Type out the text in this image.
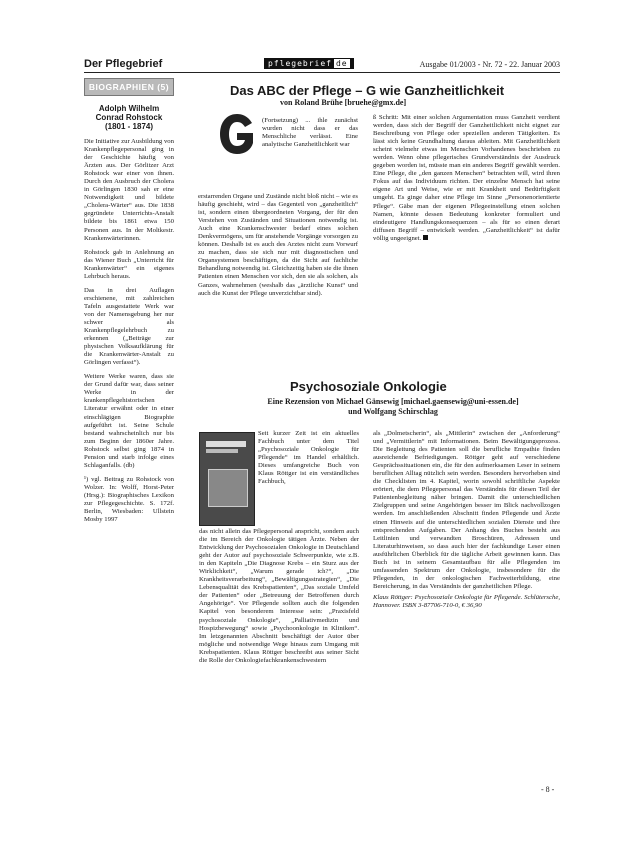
Der Pflegebrief	pflegebrief de	Ausgabe 01/2003 - Nr. 72 - 22. Januar 2003
BIOGRAPHIEN (5)
Adolph Wilhelm
Conrad Rohstock
(1801 - 1874)

Die Initiative zur Ausbildung von Krankenpflegepersonal ging in der Geschichte häufig von Ärzten aus. Der Görlitzer Arzt Rohstock war einer von ihnen. Durch den Ausbruch der Cholera in Görlingen 1830 sah er eine Notwendigkeit und bildete „Cholera-Wärter“ aus. Die 1838 gegründete Unterrichts-Anstalt bildete bis 1861 etwa 150 Personen aus. In der Moltkestr. Krankenwärterinnen.

Rohstock gab in Anlehnung an das Wiener Buch „Unterricht für Krankenwärter“ ein eigenes Lehrbuch heraus.

Das in drei Auflagen erschienene, mit zahlreichen Tafeln ausgestattete Werk war von der Namensgebung her nur schwer als Krankenpflegelehrbuch zu erkennen („Beiträge zur physischen Volksaufklärung für die Krankenwärter-Anstalt zu Görlingen verfasst“).

Weitere Werke waren, dass sie der Grund dafür war, dass seiner Werke in der krankenpflegehistorischen Literatur erwähnt oder in einer einschlägigen Biographie aufgeführt ist. Seine Schule bestand wahrscheinlich nur bis zum Beginn der 1860er Jahre. Rohstock selbst ging 1874 in Pension und starb infolge eines Schlaganfalls. (db)

¹) vgl. Beitrag zu Rohstock von Wolzer. In: Wolff, Horst-Peter (Hrsg.): Biographisches Lexikon zur Pflegegeschichte. S. 172f. Berlin, Wiesbaden: Ullstein Mosby 1997

Das ABC der Pflege – G wie Ganzheitlichkeit
von Roland Brühe [bruehe@gmx.de]
(Fortsetzung) ... ihle zunächst wurden nicht dass er das Menschliche verlässt. Eine analytische Ganzheitlichkeit war
erstarrenden Organe und Zustände nicht bloß nicht – wie es häufig geschieht, wird – das Gegenteil von „ganzheitlich“ ist, sondern einen übergeordneten Vorgang, der für den Verstehen von Zuständen und Situationen notwendig ist. Auch eine Krankenschwester bedarf eines solchen Denkvermögens, um für anstehende Vorgänge vorsorgen zu können. Deshalb ist es auch des Arztes nicht zum Vorwurf zu machen, dass sie sich nur mit diagnostischen und Organsystemen beschäftigen, da die Sicht auf fachliche Behandlung notwendig ist. Gleichzeitig haben sie die ihnen Patienten einen Menschen vor sich, den sie als solchen, als Ganzes, wahrnehmen (weshalb das „ärztliche Kunst“ und auch die Kunst der Pflege unverzichtbar sind).
ß Schritt: Mit einer solchen Argumentation muss Ganzheit verdient werden, dass sich der Begriff der Ganzheitlichkeit nicht eignet zur Beschreibung von Pflege oder speziellen anderen Tätigkeiten. Es lässt sich keine Grundhaltung daraus ableiten. Mit Ganzheitlichkeit scheint vielmehr etwas im Menschen Vorhandenes beschrieben zu werden. Wenn ohne pflegerisches Grundverständnis der Ausdruck gegeben worden ist, müsste man ein anderes Begriff gewählt werden. Eine Pflege, die „den ganzen Menschen“ betrachten will, wird ihren Fokus auf das Individuum richten. Der einzelne Mensch hat seine eigene Art und Weise, wie er mit Krankheit und Bedürftigkeit umgeht. Es ginge daher eine Pflege im Sinne „Personenorientierte Pflege“. Gäbe man der eigenen Pflegeeinstellung einen solchen Namen, könnte dessen Bedeutung konkreter formuliert und eindeutigere Handlungskonsequenzen – als für so einen derart diffusen Begriff – entwickelt werden. „Ganzheitlichkeit“ ist dafür völlig ungeeignet.
Psychosoziale Onkologie
Eine Rezension von Michael Gänsewig [michael.gaensewig@uni-essen.de]
und Wolfgang Schirschlag
Seit kurzer Zeit ist ein aktuelles Fachbuch unter dem Titel „Psychosoziale Onkologie für Pflegende“ im Handel erhältlich. Dieses umfangreiche Buch von Klaus Röttger ist ein verständliches Fachbuch,
das nicht allein das Pflegepersonal anspricht, sondern auch die im Bereich der Onkologie tätigen Ärzte. Neben der Entwicklung der Psychosozialen Onkologie in Deutschland geht der Autor auf psychosoziale Schwerpunkte, wie z.B. in den Kapiteln „Die Diagnose Krebs – ein Sturz aus der Wirklichkeit“, „Warum gerade ich?“, „Die Krankheitsverarbeitung“, „Bewältigungsstrategien“, „Die Lebensqualität des Krebspatienten“, „Das soziale Umfeld der Patienten“ oder „Betreuung der Betroffenen durch Angehörige“. Vor Pflegende sollten auch die folgenden Kapitel von besonderem Interesse sein: „Praxisfeld psychosoziale Onkologie“, „Palliativmedizin und Hospizbewegung“ sowie „Psychoonkologie in Kliniken“. Im letzgenannten Abschnitt beschäftigt der Autor über mögliche und notwendige Wege hinaus zum Umgang mit Krebspatienten. Klaus Röttger beschreibt aus seiner Sicht die Rolle der Onkologiefachkrankenschwestern

als „Dolmetscherin“, als „Mittlerin“ zwischen der „Anforderung“ und „Vermittlerin“ mit Informationen. Beim Bewältigungsprozess. Die Begleitung des Patienten soll die berufliche Empathie finden ausreichende Befriedigungen. Röttger geht auf verschiedene Gesprächssituationen ein, die für den aufmerksamen Leser in seinem beruflichen Alltag nützlich sein werden. Besonders hervorheben sind die Checklisten im 4. Kapitel, worin sowohl schriftliche Aspekte erörtert, die dem Pflegepersonal das Verständnis für diesen Teil der Patientenbegleitung näher bringen. Damit die unterschiedlichen Zielgruppen und seine Angehörigen besser im Blick nachvollzogen werden. Im anschließenden Abschnitt finden Pflegende und Ärzte einen Hinweis auf die unterschiedlichen sozialen Dienste und ihre entsprechenden Aufgaben. Der Anhang des Buches besteht aus Leitlinien und verwandten Broschüren, Adressen und Literaturhinweisen, so dass auch hier der fachkundige Leser einen ausführlichen Überblick für die tägliche Arbeit gewinnen kann. Das Buch ist in seinem Gesamtaufbau für alle Pflegenden im umfassenden Spektrum der Onkologie, insbesondere für die Pflegenden, in der onkologischen Fachweiterbildung, eine Bereicherung, in das Verständnis der ganzheitlichen Pflege.

Klaus Röttger: Psychosoziale Onkologie für Pflegende. Schlütersche, Hannover. ISBN 3-87706-710-0, € 36,90

- 8 -
